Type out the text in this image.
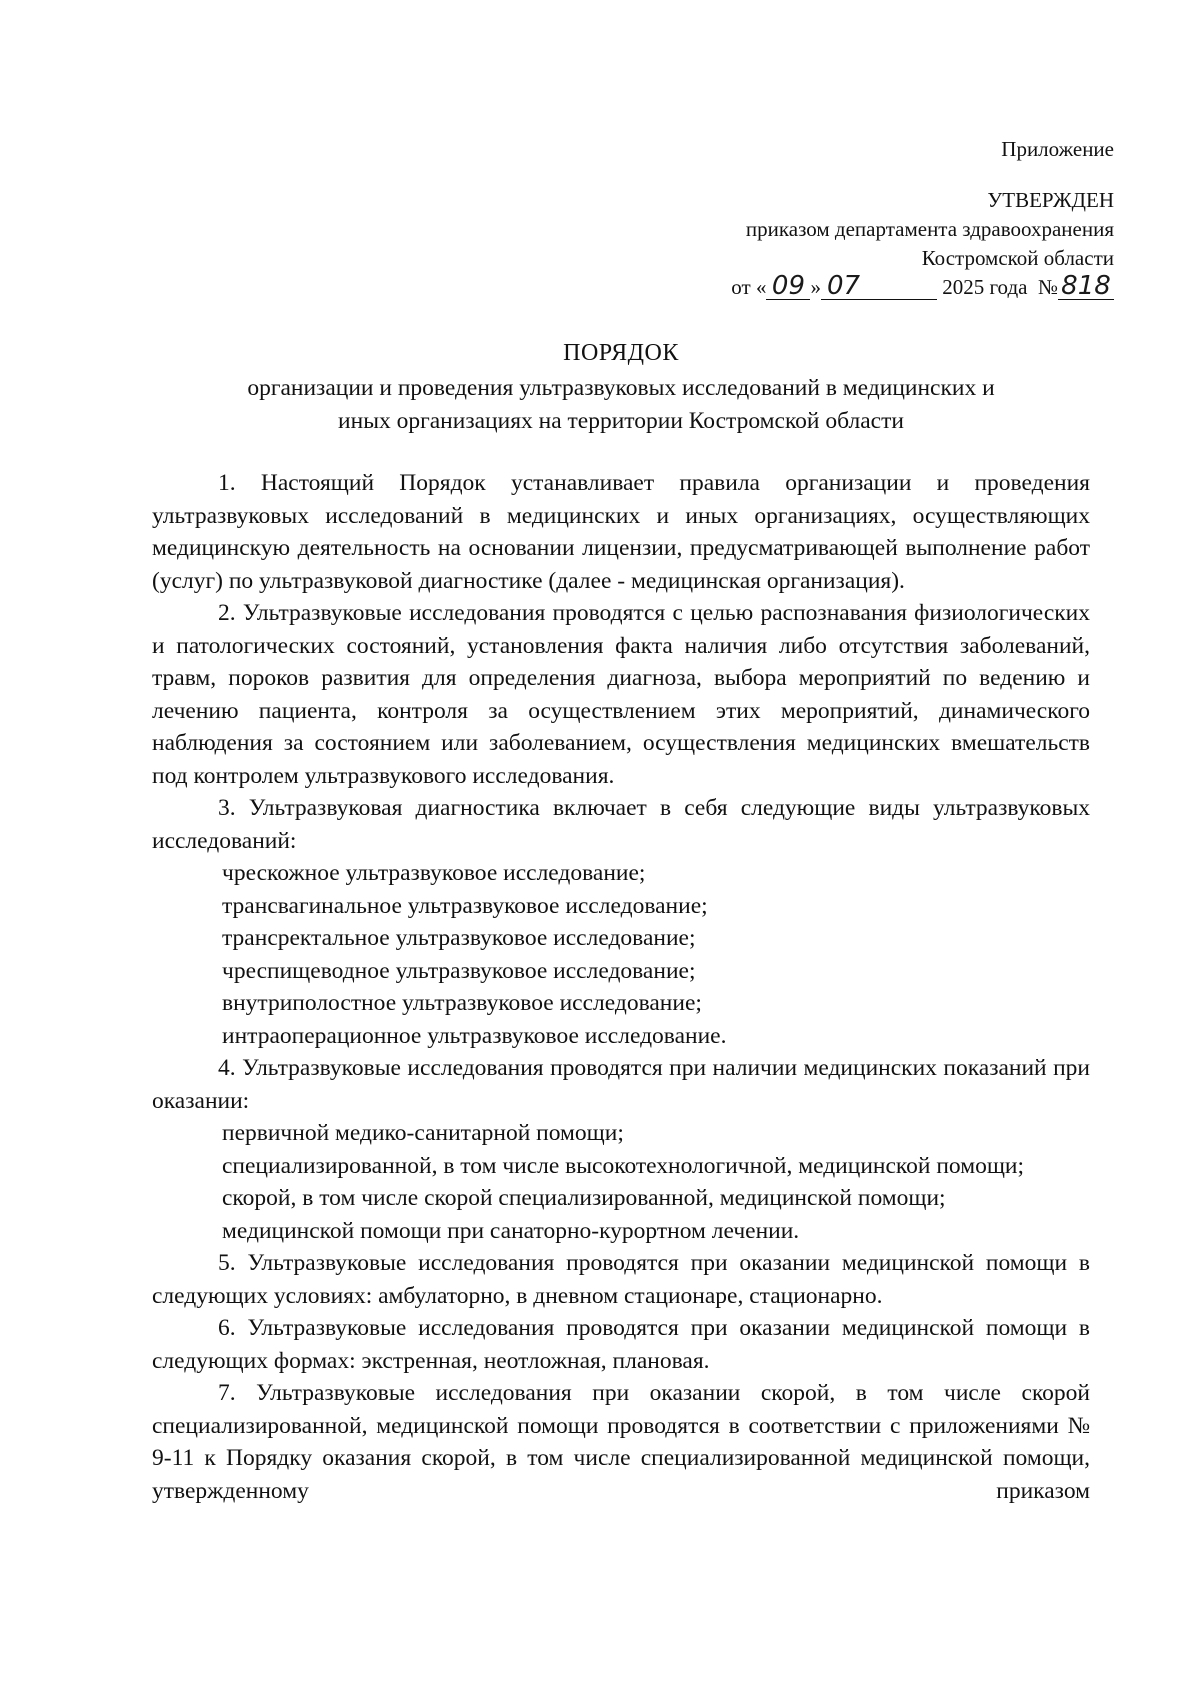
Приложение
УТВЕРЖДЕН
приказом департамента здравоохранения
Костромской области
от « 09 » 07	2025 года № 818
ПОРЯДОК
организации и проведения ультразвуковых исследований в медицинских и
иных организациях на территории Костромской области

1. Настоящий Порядок устанавливает правила организации и проведения ультразвуковых исследований в медицинских и иных организациях, осуществляющих медицинскую деятельность на основании лицензии, предусматривающей выполнение работ (услуг) по ультразвуковой диагностике (далее - медицинская организация).

2. Ультразвуковые исследования проводятся с целью распознавания физиологических и патологических состояний, установления факта наличия либо отсутствия заболеваний, травм, пороков развития для определения диагноза, выбора мероприятий по ведению и лечению пациента, контроля за осуществлением этих мероприятий, динамического наблюдения за состоянием или заболеванием, осуществления медицинских вмешательств под контролем ультразвукового исследования.

3. Ультразвуковая диагностика включает в себя следующие виды ультразвуковых исследований:

чрескожное ультразвуковое исследование;

трансвагинальное ультразвуковое исследование;

трансректальное ультразвуковое исследование;

чреспищеводное ультразвуковое исследование;

внутриполостное ультразвуковое исследование;

интраоперационное ультразвуковое исследование.

4. Ультразвуковые исследования проводятся при наличии медицинских показаний при оказании:

первичной медико-санитарной помощи;

специализированной, в том числе высокотехнологичной, медицинской помощи;

скорой, в том числе скорой специализированной, медицинской помощи;

медицинской помощи при санаторно-курортном лечении.

5. Ультразвуковые исследования проводятся при оказании медицинской помощи в следующих условиях: амбулаторно, в дневном стационаре, стационарно.

6. Ультразвуковые исследования проводятся при оказании медицинской помощи в следующих формах: экстренная, неотложная, плановая.

7. Ультразвуковые исследования при оказании скорой, в том числе скорой специализированной, медицинской помощи проводятся в соответствии с приложениями № 9-11 к Порядку оказания скорой, в том числе специализированной медицинской помощи, утвержденному приказом
